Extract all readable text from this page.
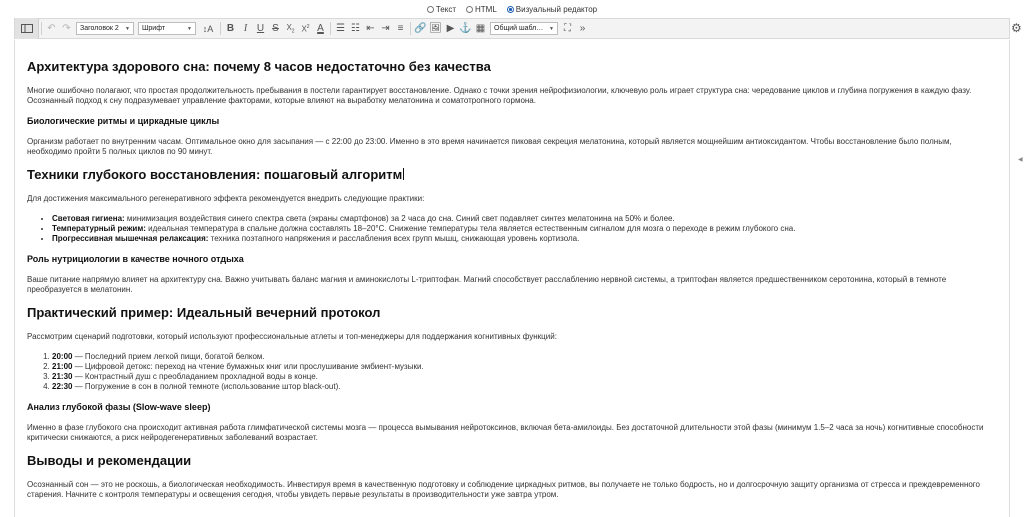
Текст HTML Визуальный редактор
↶ ↷ Заголовок 2 ▼ Шрифт	▼ ↕A B I U S $X_2$ $X^2$ A ☰ ☷ ⇤ ⇥ ≡ 🔗 🖼 ▶ ⚓ ▦ Общий шабл… ▼ ⛶ »	⚙
◀
Архитектура здорового сна: почему 8 часов недостаточно без качества

Многие ошибочно полагают, что простая продолжительность пребывания в постели гарантирует восстановление. Однако с точки зрения нейрофизиологии, ключевую роль играет структура сна: чередование циклов и глубина погружения в каждую фазу. Осознанный подход к сну подразумевает управление факторами, которые влияют на выработку мелатонина и соматотропного гормона.

Биологические ритмы и циркадные циклы

Организм работает по внутренним часам. Оптимальное окно для засыпания — с 22:00 до 23:00. Именно в это время начинается пиковая секреция мелатонина, который является мощнейшим антиоксидантом. Чтобы восстановление было полным, необходимо пройти 5 полных циклов по 90 минут.

Техники глубокого восстановления: пошаговый алгоритм

Для достижения максимального регенеративного эффекта рекомендуется внедрить следующие практики:

• Световая гигиена: минимизация воздействия синего спектра света (экраны смартфонов) за 2 часа до сна. Синий свет подавляет синтез мелатонина на 50% и более.
• Температурный режим: идеальная температура в спальне должна составлять 18–20°C. Снижение температуры тела является естественным сигналом для мозга о переходе в режим глубокого сна.
• Прогрессивная мышечная релаксация: техника поэтапного напряжения и расслабления всех групп мышц, снижающая уровень кортизола.
Роль нутрициологии в качестве ночного отдыха

Ваше питание напрямую влияет на архитектуру сна. Важно учитывать баланс магния и аминокислоты L-триптофан. Магний способствует расслаблению нервной системы, а триптофан является предшественником серотонина, который в темноте преобразуется в мелатонин.

Практический пример: Идеальный вечерний протокол

Рассмотрим сценарий подготовки, который используют профессиональные атлеты и топ-менеджеры для поддержания когнитивных функций:

1. 20:00 — Последний прием легкой пищи, богатой белком.
2. 21:00 — Цифровой детокс: переход на чтение бумажных книг или прослушивание эмбиент-музыки.
3. 21:30 — Контрастный душ с преобладанием прохладной воды в конце.
4. 22:30 — Погружение в сон в полной темноте (использование штор black-out).
Анализ глубокой фазы (Slow-wave sleep)

Именно в фазе глубокого сна происходит активная работа глимфатической системы мозга — процесса вымывания нейротоксинов, включая бета-амилоиды. Без достаточной длительности этой фазы (минимум 1.5–2 часа за ночь) когнитивные способности критически снижаются, а риск нейродегенеративных заболеваний возрастает.

Выводы и рекомендации

Осознанный сон — это не роскошь, а биологическая необходимость. Инвестируя время в качественную подготовку и соблюдение циркадных ритмов, вы получаете не только бодрость, но и долгосрочную защиту организма от стресса и преждевременного старения. Начните с контроля температуры и освещения сегодня, чтобы увидеть первые результаты в производительности уже завтра утром.
